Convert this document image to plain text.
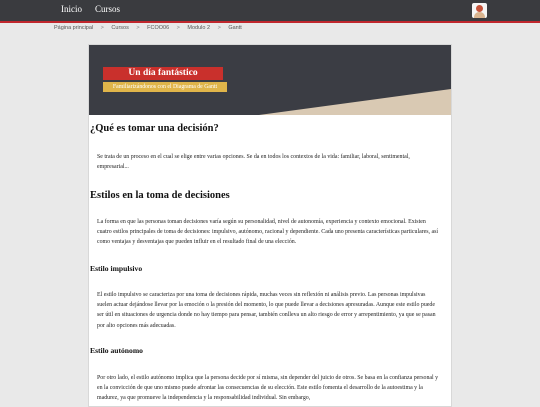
Inicio Cursos
Página principal > Cursos > FCOO06 > Modulo 2 > Gantt
Un día fantástico
Familiarizándonos con el Diagrama de Gantt
¿Qué es tomar una decisión?

Se trata de un proceso en el cual se elige entre varias opciones. Se da en todos los contextos de la vida: familiar, laboral, sentimental, empresarial...

Estilos en la toma de decisiones

La forma en que las personas toman decisiones varía según su personalidad, nivel de autonomía, experiencia y contexto emocional. Existen cuatro estilos principales de toma de decisiones: impulsivo, autónomo, racional y dependiente. Cada uno presenta características particulares, así como ventajas y desventajas que pueden influir en el resultado final de una elección.

Estilo impulsivo

El estilo impulsivo se caracteriza por una toma de decisiones rápida, muchas veces sin reflexión ni análisis previo. Las personas impulsivas suelen actuar dejándose llevar por la emoción o la presión del momento, lo que puede llevar a decisiones apresuradas. Aunque este estilo puede ser útil en situaciones de urgencia donde no hay tiempo para pensar, también conlleva un alto riesgo de error y arrepentimiento, ya que se pasan por alto opciones más adecuadas.

Estilo autónomo

Por otro lado, el estilo autónomo implica que la persona decide por sí misma, sin depender del juicio de otros. Se basa en la confianza personal y en la convicción de que uno mismo puede afrontar las consecuencias de su elección. Este estilo fomenta el desarrollo de la autoestima y la madurez, ya que promueve la independencia y la responsabilidad individual. Sin embargo,
